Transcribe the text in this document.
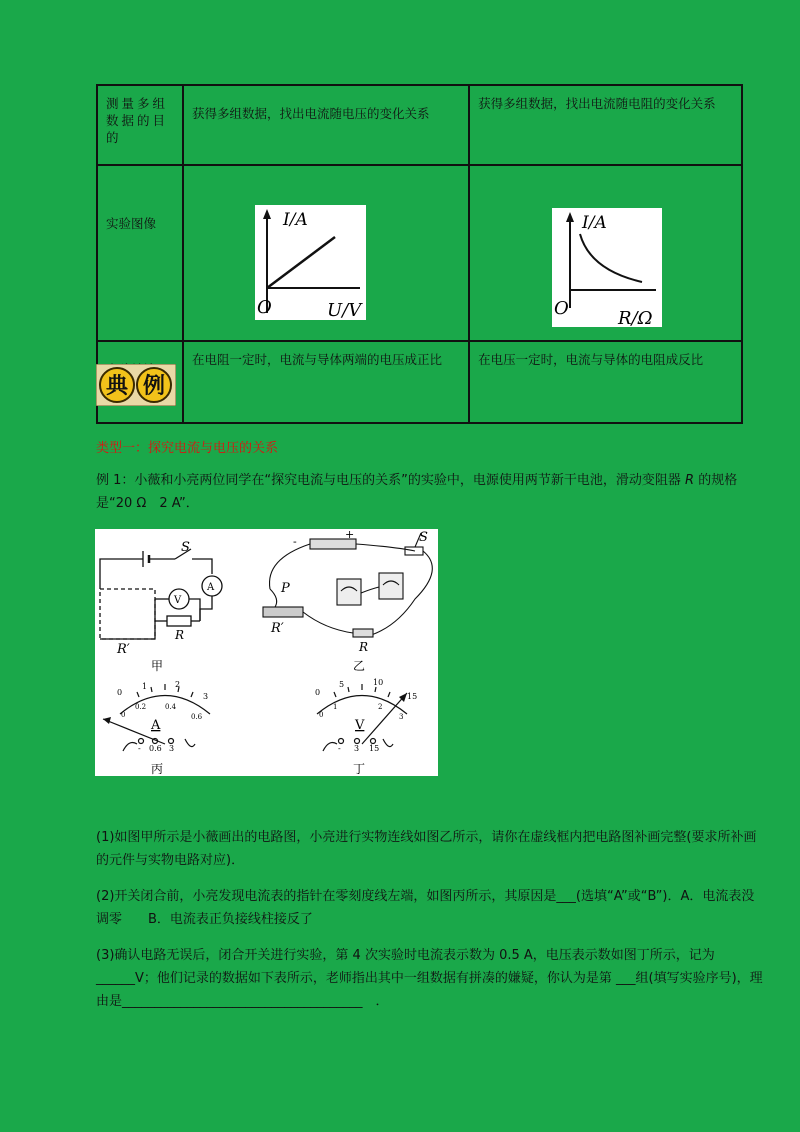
测量多组数据的目的	获得多组数据，找出电流随电压的变化关系	获得多组数据，找出电流随电阻的变化关系
实验图像		
	在电阻一定时，电流与导体两端的电压成正比	在电压一定时，电流与导体的电阻成反比
I/A
O	U/V
I/A
O	R/Ω
典 例
类型一：探究电流与电压的关系
例 1：小薇和小亮两位同学在“探究电流与电压的关系”的实验中，电源使用两节新干电池，滑动变阻器 R 的规格是“20 Ω　2 A”．
S
A
V
R
R′
甲
-
+	S
P
R′
R
乙
0
1	2
3
0
0.2	0.4
0.6
A
- 0.6 3
丙
0
5	10
15
0
1	2
3
V
- 3 15
丁
(1)如图甲所示是小薇画出的电路图，小亮进行实物连线如图乙所示，请你在虚线框内把电路图补画完整(要求所补画的元件与实物电路对应)．
(2)开关闭合前，小亮发现电流表的指针在零刻度线左端，如图丙所示，其原因是___(选填“A”或“B”)．A．电流表没调零　　B．电流表正负接线柱接反了
(3)确认电路无误后，闭合开关进行实验，第 4 次实验时电流表示数为 0.5 A，电压表示数如图丁所示，记为______V；他们记录的数据如下表所示，老师指出其中一组数据有拼凑的嫌疑，你认为是第 ___组(填写实验序号)，理由是_____________________________________　．
